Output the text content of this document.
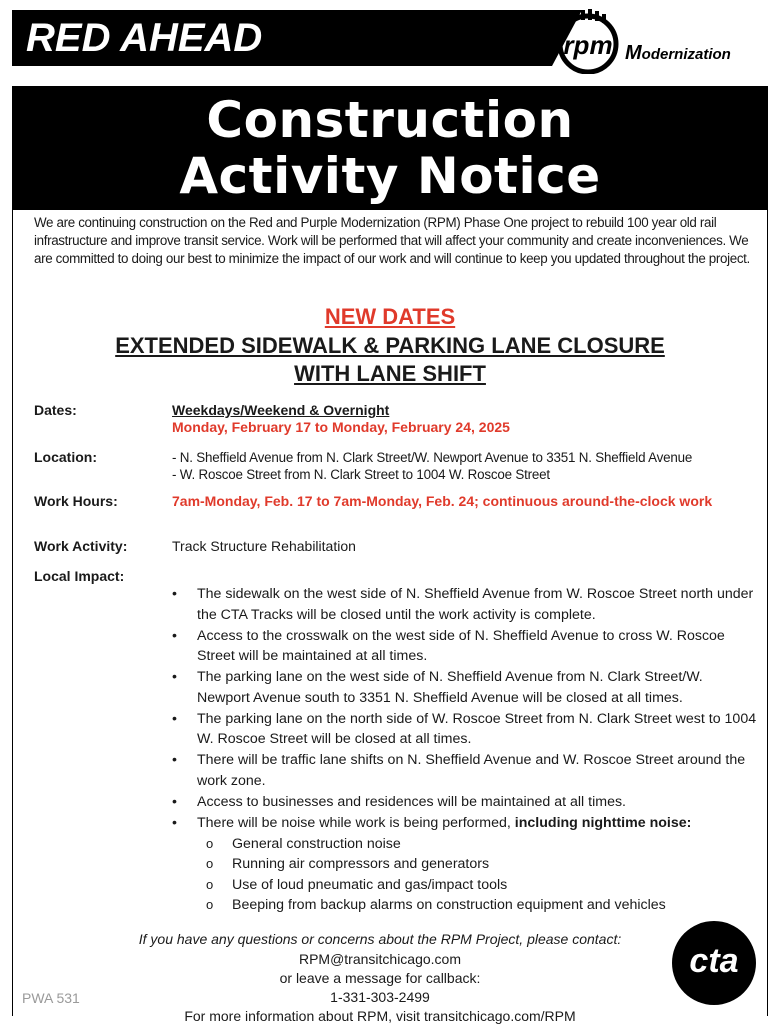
RED AHEAD	rpm Modernization
Construction
Activity Notice
We are continuing construction on the Red and Purple Modernization (RPM) Phase One project to rebuild 100 year old rail infrastructure and improve transit service. Work will be performed that will affect your community and create inconveniences. We are committed to doing our best to minimize the impact of our work and will continue to keep you updated throughout the project.
NEW DATES
EXTENDED SIDEWALK & PARKING LANE CLOSURE
WITH LANE SHIFT
Dates:	Weekdays/Weekend & Overnight
Monday, February 17 to Monday, February 24, 2025
Location:	- N. Sheffield Avenue from N. Clark Street/W. Newport Avenue to 3351 N. Sheffield Avenue
- W. Roscoe Street from N. Clark Street to 1004 W. Roscoe Street
Work Hours:	7am-Monday, Feb. 17 to 7am-Monday, Feb. 24; continuous around-the-clock work
Work Activity:	Track Structure Rehabilitation
Local Impact:
• The sidewalk on the west side of N. Sheffield Avenue from W. Roscoe Street north under the CTA Tracks will be closed until the work activity is complete.
• Access to the crosswalk on the west side of N. Sheffield Avenue to cross W. Roscoe Street will be maintained at all times.
• The parking lane on the west side of N. Sheffield Avenue from N. Clark Street/W. Newport Avenue south to 3351 N. Sheffield Avenue will be closed at all times.
• The parking lane on the north side of W. Roscoe Street from N. Clark Street west to 1004 W. Roscoe Street will be closed at all times.
• There will be traffic lane shifts on N. Sheffield Avenue and W. Roscoe Street around the work zone.
• Access to businesses and residences will be maintained at all times.
• There will be noise while work is being performed, including nighttime noise:
o General construction noise
o Running air compressors and generators
o Use of loud pneumatic and gas/impact tools
o Beeping from backup alarms on construction equipment and vehicles
If you have any questions or concerns about the RPM Project, please contact:
RPM@transitchicago.com
or leave a message for callback:
1-331-303-2499
For more information about RPM, visit transitchicago.com/RPM
PWA 531
cta
